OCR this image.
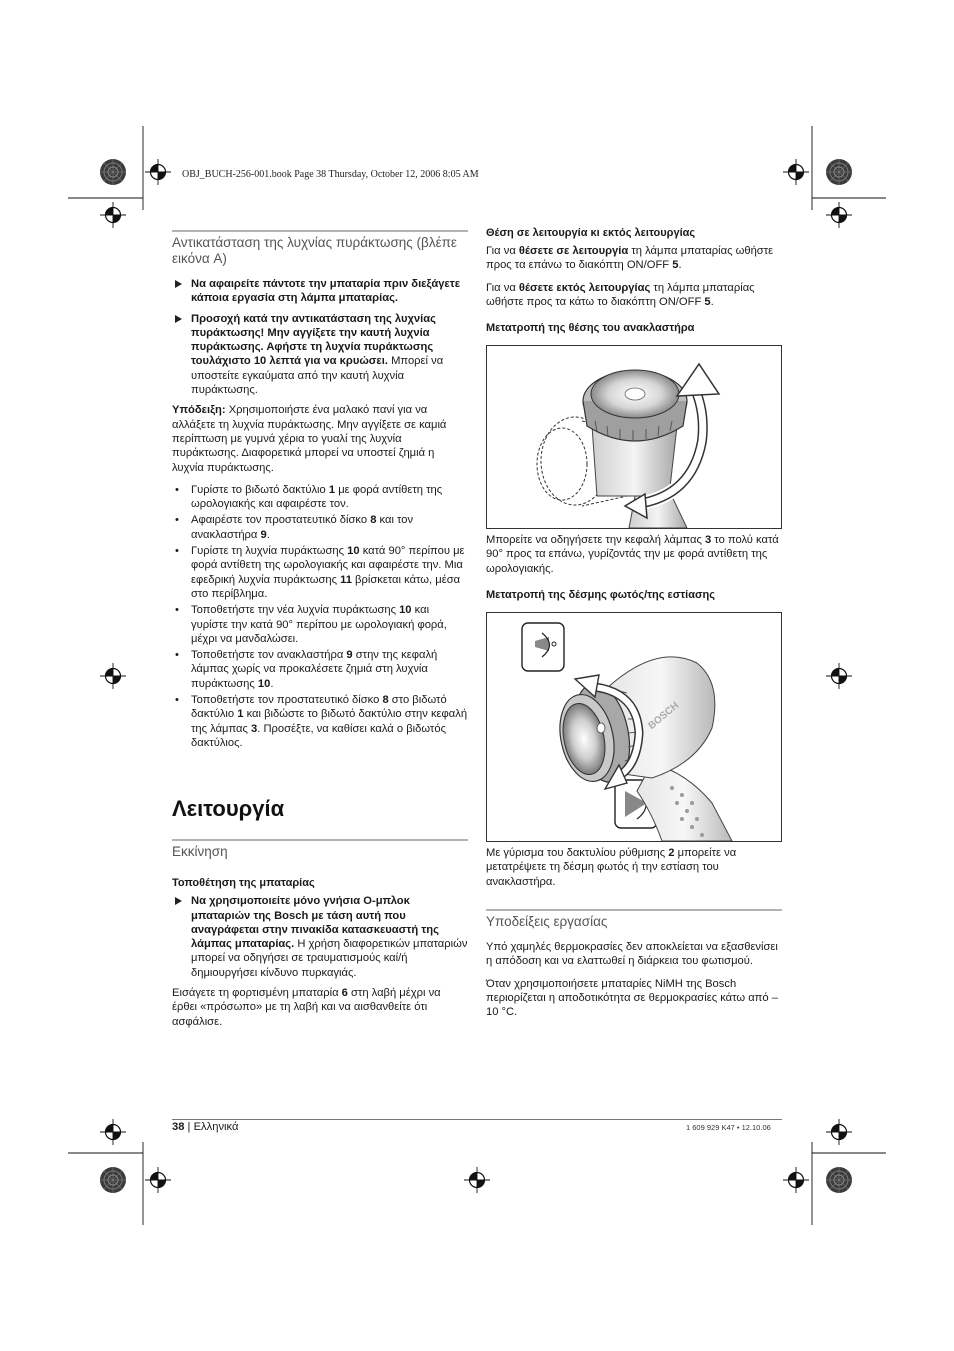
OBJ_BUCH-256-001.book Page 38 Thursday, October 12, 2006 8:05 AM
Αντικατάσταση της λυχνίας πυράκτωσης (βλέπε εικόνα A)
Να αφαιρείτε πάντοτε την μπαταρία πριν διεξάγετε κάποια εργασία στη λάμπα μπαταρίας.
Προσοχή κατά την αντικατάσταση της λυχνίας πυράκτωσης! Μην αγγίξετε την καυτή λυχνία πυράκτωσης. Αφήστε τη λυχνία πυράκτωσης τουλάχιστο 10 λεπτά για να κρυώσει. Μπορεί να υποστείτε εγκαύματα από την καυτή λυχνία πυράκτωσης.

Υπόδειξη: Χρησιμοποιήστε ένα μαλακό πανί για να αλλάξετε τη λυχνία πυράκτωσης. Μην αγγίξετε σε καμιά περίπτωση με γυμνά χέρια το γυαλί της λυχνία πυράκτωσης. Διαφορετικά μπορεί να υποστεί ζημιά η λυχνία πυράκτωσης.

• Γυρίστε το βιδωτό δακτύλιο 1 με φορά αντίθετη της ωρολογιακής και αφαιρέστε τον.
• Αφαιρέστε τον προστατευτικό δίσκο 8 και τον ανακλαστήρα 9.
• Γυρίστε τη λυχνία πυράκτωσης 10 κατά 90° περίπου με φορά αντίθετη της ωρολογιακής και αφαιρέστε την. Μια εφεδρική λυχνία πυράκτωσης 11 βρίσκεται κάτω, μέσα στο περίβλημα.
• Τοποθετήστε την νέα λυχνία πυράκτωσης 10 και γυρίστε την κατά 90° περίπου με ωρολογιακή φορά, μέχρι να μανδαλώσει.
• Τοποθετήστε τον ανακλαστήρα 9 στην της κεφαλή λάμπας χωρίς να προκαλέσετε ζημιά στη λυχνία πυράκτωσης 10.
• Τοποθετήστε τον προστατευτικό δίσκο 8 στο βιδωτό δακτύλιο 1 και βιδώστε το βιδωτό δακτύλιο στην κεφαλή της λάμπας 3. Προσέξτε, να καθίσει καλά ο βιδωτός δακτύλιος.
Λειτουργία
Εκκίνηση
Τοποθέτηση της μπαταρίας
Να χρησιμοποιείτε μόνο γνήσια O-μπλοκ μπαταριών της Bosch με τάση αυτή που αναγράφεται στην πινακίδα κατασκευαστή της λάμπας μπαταρίας. Η χρήση διαφορετικών μπαταριών μπορεί να οδηγήσει σε τραυματισμούς καί/ή δημιουργήσει κίνδυνο πυρκαγιάς.

Εισάγετε τη φορτισμένη μπαταρία 6 στη λαβή μέχρι να έρθει «πρόσωπο» με τη λαβή και να αισθανθείτε ότι ασφάλισε.

Θέση σε λειτουργία κι εκτός λειτουργίας

Για να θέσετε σε λειτουργία τη λάμπα μπαταρίας ωθήστε προς τα επάνω το διακόπτη ON/OFF 5.

Για να θέσετε εκτός λειτουργίας τη λάμπα μπαταρίας ωθήστε προς τα κάτω το διακόπτη ON/OFF 5.

Μετατροπή της θέσης του ανακλαστήρα

Μπορείτε να οδηγήσετε την κεφαλή λάμπας 3 το πολύ κατά 90° προς τα επάνω, γυρίζοντάς την με φορά αντίθετη της ωρολογιακής.

Μετατροπή της δέσμης φωτός/της εστίασης
BOSCH

Με γύρισμα του δακτυλίου ρύθμισης 2 μπορείτε να μετατρέψετε τη δέσμη φωτός ή την εστίαση του ανακλαστήρα.

Υποδείξεις εργασίας

Υπό χαμηλές θερμοκρασίες δεν αποκλείεται να εξασθενίσει η απόδοση και να ελαττωθεί η διάρκεια του φωτισμού.

Όταν χρησιμοποιήσετε μπαταρίες NiMH της Bosch περιορίζεται η αποδοτικότητα σε θερμοκρασίες κάτω από – 10 °C.

38 | Ελληνικά	1 609 929 K47 • 12.10.06
